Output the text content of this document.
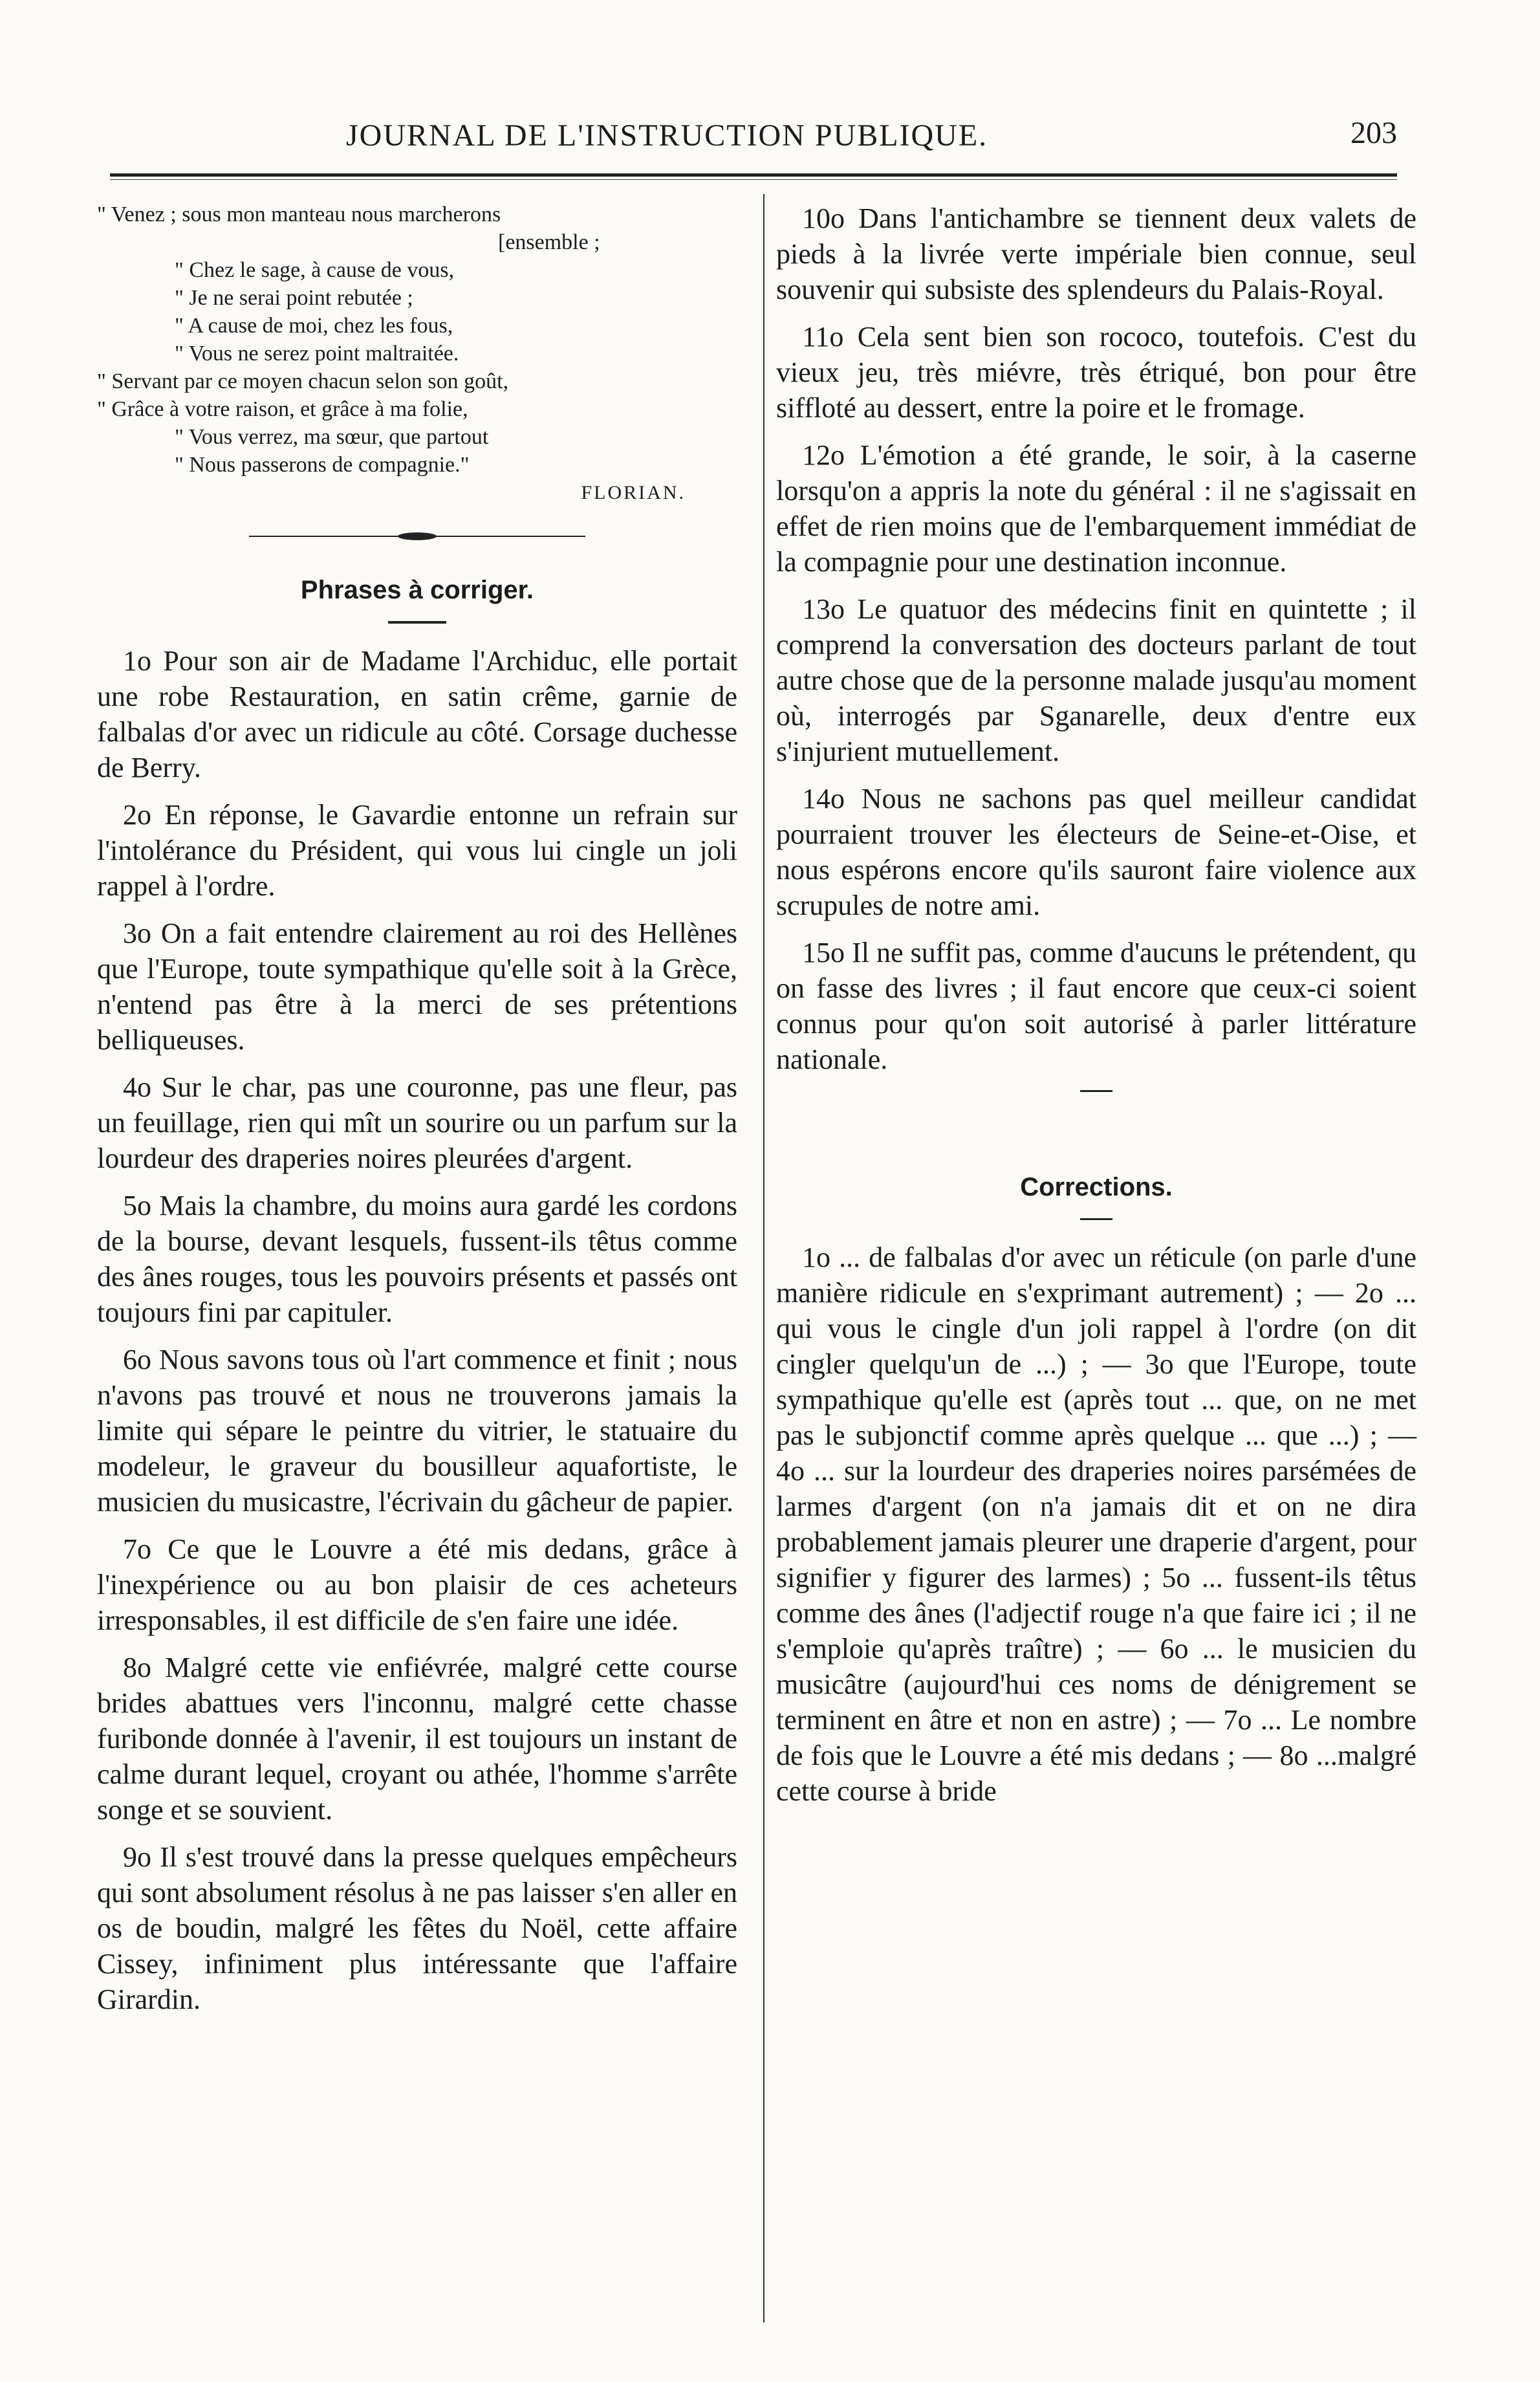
JOURNAL DE L'INSTRUCTION PUBLIQUE.	203
" Venez ; sous mon manteau nous marcherons
[ensemble ;
" Chez le sage, à cause de vous,
" Je ne serai point rebutée ;
" A cause de moi, chez les fous,
" Vous ne serez point maltraitée.
" Servant par ce moyen chacun selon son goût,
" Grâce à votre raison, et grâce à ma folie,
" Vous verrez, ma sœur, que partout
" Nous passerons de compagnie."
FLORIAN.
Phrases à corriger.

1o Pour son air de Madame l'Archiduc, elle portait une robe Restauration, en satin crême, garnie de falbalas d'or avec un ridicule au côté. Corsage duchesse de Berry.

2o En réponse, le Gavardie entonne un refrain sur l'intolérance du Président, qui vous lui cingle un joli rappel à l'ordre.

3o On a fait entendre clairement au roi des Hellènes que l'Europe, toute sympathique qu'elle soit à la Grèce, n'entend pas être à la merci de ses prétentions belliqueuses.

4o Sur le char, pas une couronne, pas une fleur, pas un feuillage, rien qui mît un sourire ou un parfum sur la lourdeur des draperies noires pleurées d'argent.

5o Mais la chambre, du moins aura gardé les cordons de la bourse, devant lesquels, fussent-ils têtus comme des ânes rouges, tous les pouvoirs présents et passés ont toujours fini par capituler.

6o Nous savons tous où l'art commence et finit ; nous n'avons pas trouvé et nous ne trouverons jamais la limite qui sépare le peintre du vitrier, le statuaire du modeleur, le graveur du bousilleur aquafortiste, le musicien du musicastre, l'écrivain du gâcheur de papier.

7o Ce que le Louvre a été mis dedans, grâce à l'inexpérience ou au bon plaisir de ces acheteurs irresponsables, il est difficile de s'en faire une idée.

8o Malgré cette vie enfiévrée, malgré cette course brides abattues vers l'inconnu, malgré cette chasse furibonde donnée à l'avenir, il est toujours un instant de calme durant lequel, croyant ou athée, l'homme s'arrête songe et se souvient.

9o Il s'est trouvé dans la presse quelques empêcheurs qui sont absolument résolus à ne pas laisser s'en aller en os de boudin, malgré les fêtes du Noël, cette affaire Cissey, infiniment plus intéressante que l'affaire Girardin.

10o Dans l'antichambre se tiennent deux valets de pieds à la livrée verte impériale bien connue, seul souvenir qui subsiste des splendeurs du Palais-Royal.

11o Cela sent bien son rococo, toutefois. C'est du vieux jeu, très miévre, très étriqué, bon pour être siffloté au dessert, entre la poire et le fromage.

12o L'émotion a été grande, le soir, à la caserne lorsqu'on a appris la note du général : il ne s'agissait en effet de rien moins que de l'embarquement immédiat de la compagnie pour une destination inconnue.

13o Le quatuor des médecins finit en quintette ; il comprend la conversation des docteurs parlant de tout autre chose que de la personne malade jusqu'au moment où, interrogés par Sganarelle, deux d'entre eux s'injurient mutuellement.

14o Nous ne sachons pas quel meilleur candidat pourraient trouver les électeurs de Seine-et-Oise, et nous espérons encore qu'ils sauront faire violence aux scrupules de notre ami.

15o Il ne suffit pas, comme d'aucuns le prétendent, qu on fasse des livres ; il faut encore que ceux-ci soient connus pour qu'on soit autorisé à parler littérature nationale.

Corrections.

1o ... de falbalas d'or avec un réticule (on parle d'une manière ridicule en s'exprimant autrement) ; — 2o ... qui vous le cingle d'un joli rappel à l'ordre (on dit cingler quelqu'un de ...) ; — 3o que l'Europe, toute sympathique qu'elle est (après tout ... que, on ne met pas le subjonctif comme après quelque ... que ...) ; — 4o ... sur la lourdeur des draperies noires parsémées de larmes d'argent (on n'a jamais dit et on ne dira probablement jamais pleurer une draperie d'argent, pour signifier y figurer des larmes) ; 5o ... fussent-ils têtus comme des ânes (l'adjectif rouge n'a que faire ici ; il ne s'emploie qu'après traître) ; — 6o ... le musicien du musicâtre (aujourd'hui ces noms de dénigrement se terminent en âtre et non en astre) ; — 7o ... Le nombre de fois que le Louvre a été mis dedans ; — 8o ...malgré cette course à bride
